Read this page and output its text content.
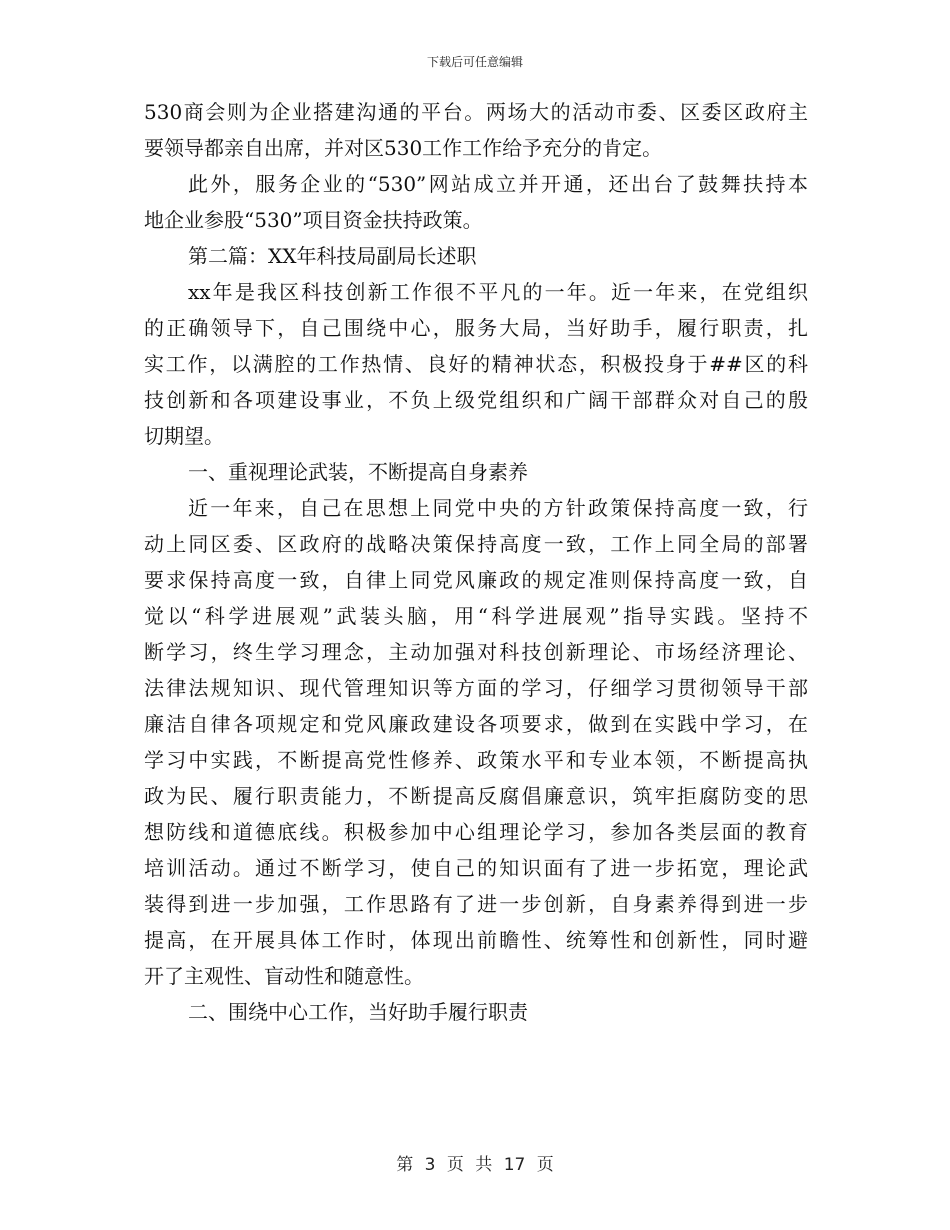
下载后可任意编辑
530商会则为企业搭建沟通的平台。两场大的活动市委、区委区政府主
要领导都亲自出席，并对区530工作工作给予充分的肯定。
此外，服务企业的“530”网站成立并开通，还出台了鼓舞扶持本
地企业参股“530”项目资金扶持政策。
第二篇：XX年科技局副局长述职
xx年是我区科技创新工作很不平凡的一年。近一年来，在党组织
的正确领导下，自己围绕中心，服务大局，当好助手，履行职责，扎
实工作，以满腔的工作热情、良好的精神状态，积极投身于##区的科
技创新和各项建设事业，不负上级党组织和广阔干部群众对自己的殷
切期望。
一、重视理论武装，不断提高自身素养
近一年来，自己在思想上同党中央的方针政策保持高度一致，行
动上同区委、区政府的战略决策保持高度一致，工作上同全局的部署
要求保持高度一致，自律上同党风廉政的规定准则保持高度一致，自
觉以“科学进展观”武装头脑，用“科学进展观”指导实践。坚持不
断学习，终生学习理念，主动加强对科技创新理论、市场经济理论、
法律法规知识、现代管理知识等方面的学习，仔细学习贯彻领导干部
廉洁自律各项规定和党风廉政建设各项要求，做到在实践中学习，在
学习中实践，不断提高党性修养、政策水平和专业本领，不断提高执
政为民、履行职责能力，不断提高反腐倡廉意识，筑牢拒腐防变的思
想防线和道德底线。积极参加中心组理论学习，参加各类层面的教育
培训活动。通过不断学习，使自己的知识面有了进一步拓宽，理论武
装得到进一步加强，工作思路有了进一步创新，自身素养得到进一步
提高，在开展具体工作时，体现出前瞻性、统筹性和创新性，同时避
开了主观性、盲动性和随意性。
二、围绕中心工作，当好助手履行职责
第 3 页 共 17 页
